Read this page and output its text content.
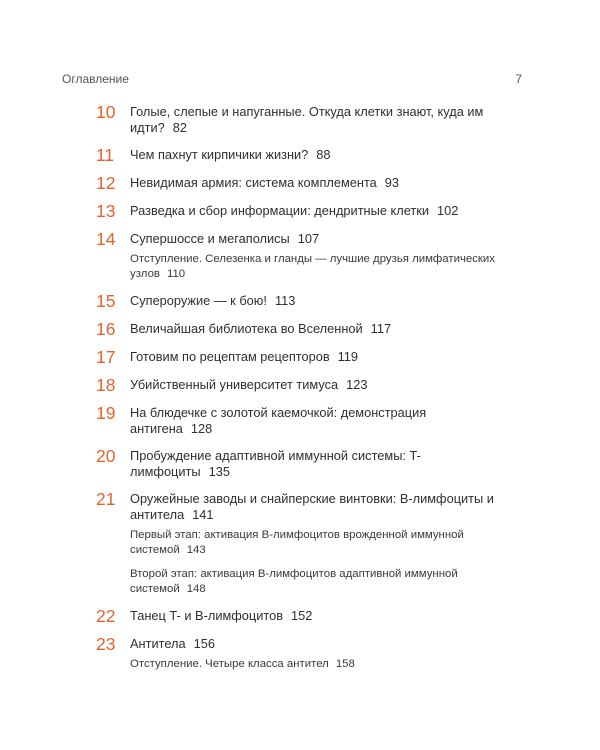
Оглавление	7
10	Голые, слепые и напуганные. Откуда клетки знают, куда им идти? 82
11	Чем пахнут кирпичики жизни? 88
12	Невидимая армия: система комплемента 93
13	Разведка и сбор информации: дендритные клетки 102
14	Супершоссе и мегаполисы 107
Отступление. Селезенка и гланды — лучшие друзья лимфатических узлов 110
15	Супероружие — к бою! 113
16	Величайшая библиотека во Вселенной 117
17	Готовим по рецептам рецепторов 119
18	Убийственный университет тимуса 123
19	На блюдечке с золотой каемочкой: демонстрация антигена 128
20	Пробуждение адаптивной иммунной системы: T-лимфоциты 135
21	Оружейные заводы и снайперские винтовки: B-лимфоциты и антитела 141
Первый этап: активация B-лимфоцитов врожденной иммунной системой 143
Второй этап: активация B-лимфоцитов адаптивной иммунной системой 148
22	Танец T- и B-лимфоцитов 152
23	Антитела 156
Отступление. Четыре класса антител 158
